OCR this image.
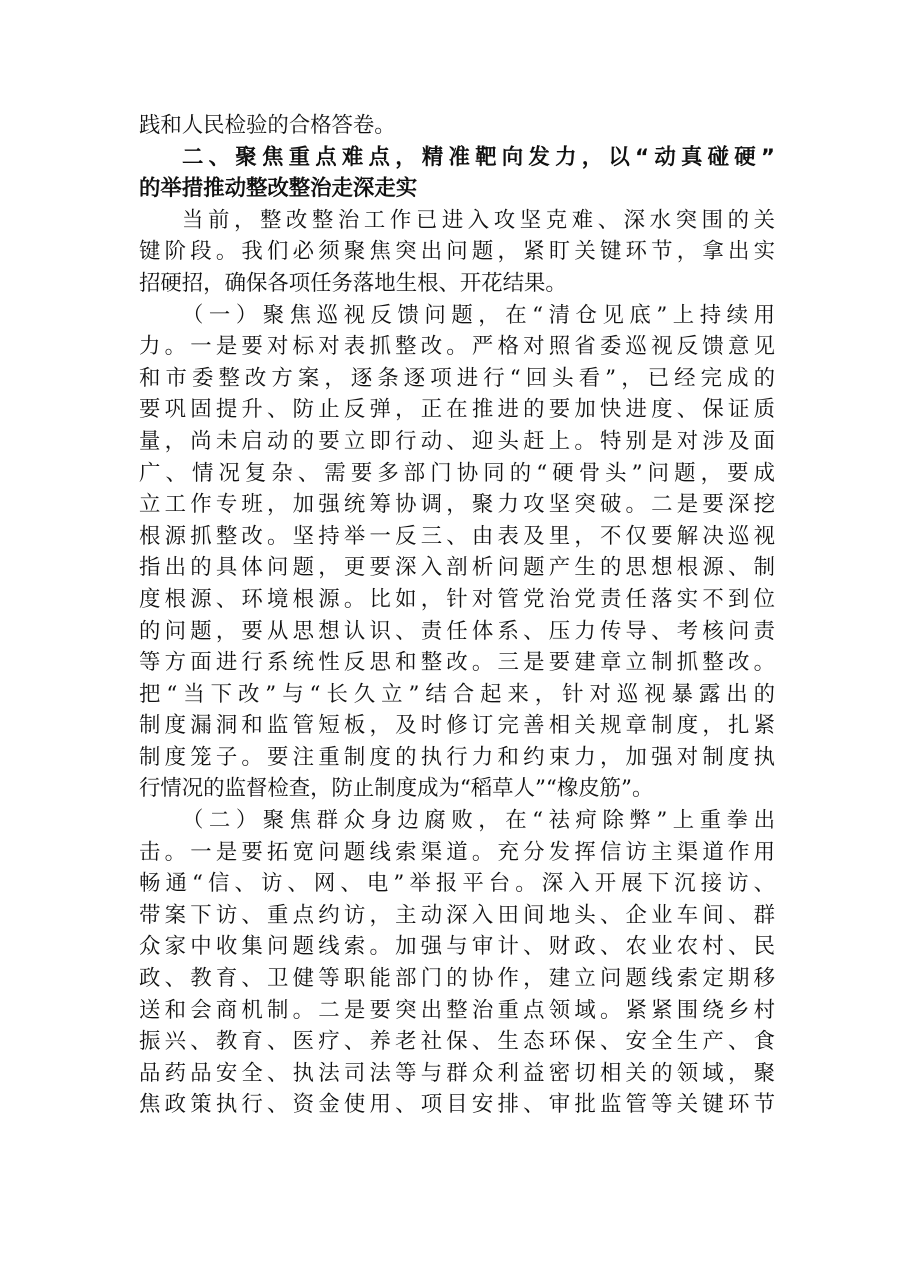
践和人民检验的合格答卷。
二、聚焦重点难点，精准靶向发力，以“动真碰硬”
的举措推动整改整治走深走实
当前，整改整治工作已进入攻坚克难、深水突围的关
键阶段。我们必须聚焦突出问题，紧盯关键环节，拿出实
招硬招，确保各项任务落地生根、开花结果。
（一）聚焦巡视反馈问题，在“清仓见底”上持续用
力。一是要对标对表抓整改。严格对照省委巡视反馈意见
和市委整改方案，逐条逐项进行“回头看”，已经完成的
要巩固提升、防止反弹，正在推进的要加快进度、保证质
量，尚未启动的要立即行动、迎头赶上。特别是对涉及面
广、情况复杂、需要多部门协同的“硬骨头”问题，要成
立工作专班，加强统筹协调，聚力攻坚突破。二是要深挖
根源抓整改。坚持举一反三、由表及里，不仅要解决巡视
指出的具体问题，更要深入剖析问题产生的思想根源、制
度根源、环境根源。比如，针对管党治党责任落实不到位
的问题，要从思想认识、责任体系、压力传导、考核问责
等方面进行系统性反思和整改。三是要建章立制抓整改。
把“当下改”与“长久立”结合起来，针对巡视暴露出的
制度漏洞和监管短板，及时修订完善相关规章制度，扎紧
制度笼子。要注重制度的执行力和约束力，加强对制度执
行情况的监督检查，防止制度成为“稻草人”“橡皮筋”。
（二）聚焦群众身边腐败，在“祛疴除弊”上重拳出
击。一是要拓宽问题线索渠道。充分发挥信访主渠道作用
畅通“信、访、网、电”举报平台。深入开展下沉接访、
带案下访、重点约访，主动深入田间地头、企业车间、群
众家中收集问题线索。加强与审计、财政、农业农村、民
政、教育、卫健等职能部门的协作，建立问题线索定期移
送和会商机制。二是要突出整治重点领域。紧紧围绕乡村
振兴、教育、医疗、养老社保、生态环保、安全生产、食
品药品安全、执法司法等与群众利益密切相关的领域，聚
焦政策执行、资金使用、项目安排、审批监管等关键环节
